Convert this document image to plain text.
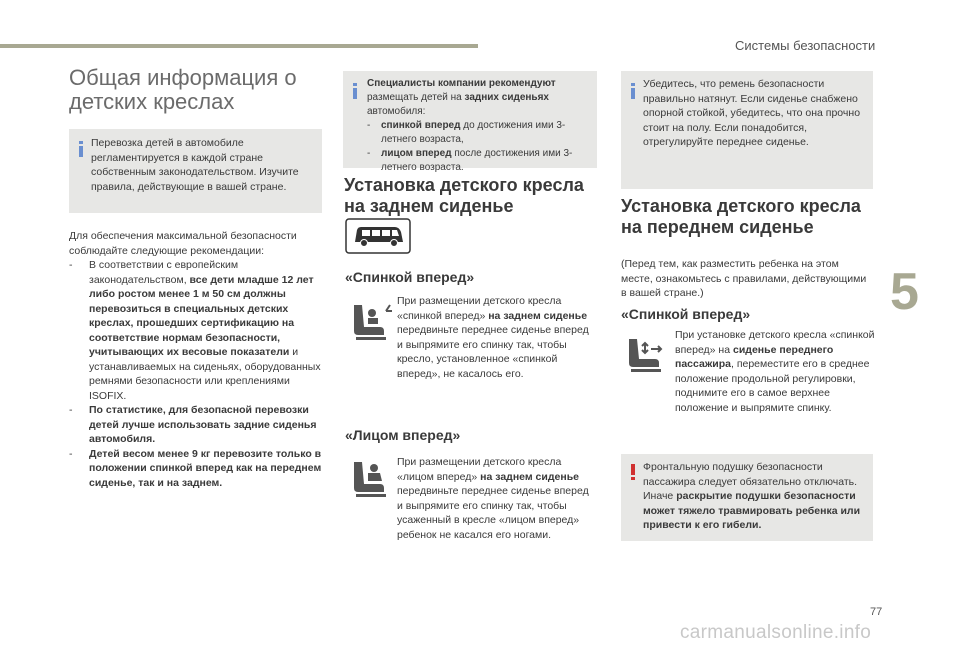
Системы безопасности
5
77
carmanualsonline.info
Общая информация о детских креслах

Перевозка детей в автомобиле регламентируется в каждой стране собственным законодательством. Изучите правила, действующие в вашей стране.

Для обеспечения максимальной безопасности соблюдайте следующие рекомендации:

- В соответствии с европейским законодательством, все дети младше 12 лет либо ростом менее 1 м 50 см должны перевозиться в специальных детских креслах, прошедших сертификацию на соответствие нормам безопасности, учитывающих их весовые показатели и устанавливаемых на сиденьях, оборудованных ремнями безопасности или креплениями ISOFIX.
- По статистике, для безопасной перевозки детей лучше использовать задние сиденья автомобиля.
- Детей весом менее 9 кг перевозите только в положении спинкой вперед как на переднем сиденье, так и на заднем.

Специалисты компании рекомендуют размещать детей на задних сиденьях автомобиля:

- спинкой вперед до достижения ими 3-летнего возраста,
- лицом вперед после достижения ими 3-летнего возраста.
Установка детского кресла на заднем сиденье
«Спинкой вперед»

При размещении детского кресла «спинкой вперед» на заднем сиденье передвиньте переднее сиденье вперед и выпрямите его спинку так, чтобы кресло, установленное «спинкой вперед», не касалось его.

«Лицом вперед»

При размещении детского кресла «лицом вперед» на заднем сиденье передвиньте переднее сиденье вперед и выпрямите его спинку так, чтобы усаженный в кресле «лицом вперед» ребенок не касался его ногами.

Убедитесь, что ремень безопасности правильно натянут. Если сиденье снабжено опорной стойкой, убедитесь, что она прочно стоит на полу. Если понадобится, отрегулируйте переднее сиденье.

Установка детского кресла на переднем сиденье
(Перед тем, как разместить ребенка на этом месте, ознакомьтесь с правилами, действующими в вашей стране.)
«Спинкой вперед»

При установке детского кресла «спинкой вперед» на сиденье переднего пассажира, переместите его в среднее положение продольной регулировки, поднимите его в самое верхнее положение и выпрямите спинку.

Фронтальную подушку безопасности пассажира следует обязательно отключать. Иначе раскрытие подушки безопасности может тяжело травмировать ребенка или привести к его гибели.
